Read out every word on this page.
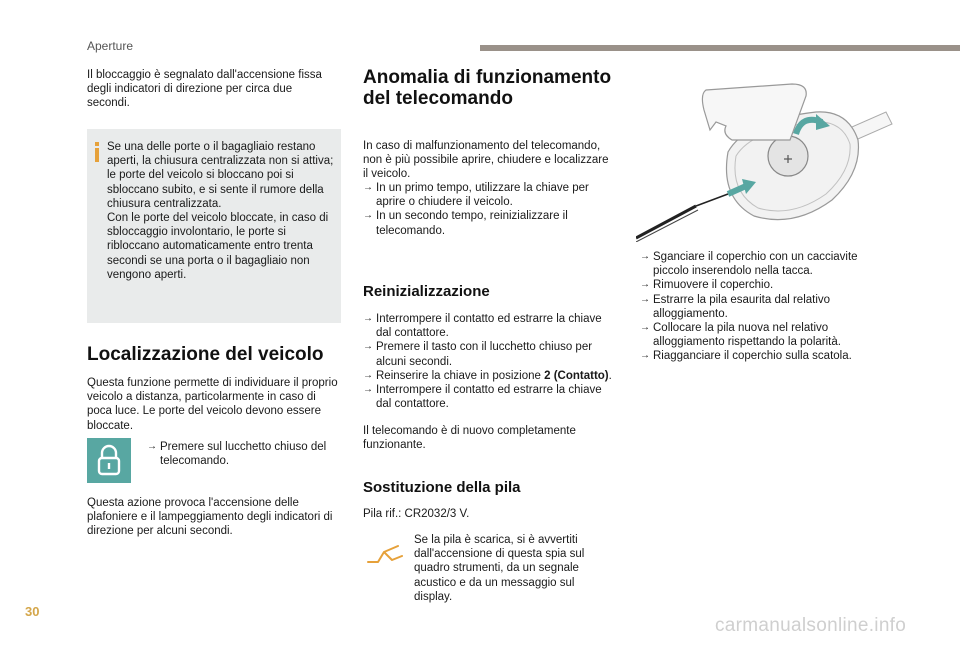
Aperture
Il bloccaggio è segnalato dall'accensione fissa degli indicatori di direzione per circa due secondi.
Se una delle porte o il bagagliaio restano aperti, la chiusura centralizzata non si attiva; le porte del veicolo si bloccano poi si sbloccano subito, e si sente il rumore della chiusura centralizzata.
Con le porte del veicolo bloccate, in caso di sbloccaggio involontario, le porte si ribloccano automaticamente entro trenta secondi se una porta o il bagagliaio non vengono aperti.
Localizzazione del veicolo
Questa funzione permette di individuare il proprio veicolo a distanza, particolarmente in caso di poca luce. Le porte del veicolo devono essere bloccate.
→ Premere sul lucchetto chiuso del telecomando.
Questa azione provoca l'accensione delle plafoniere e il lampeggiamento degli indicatori di direzione per alcuni secondi.
Anomalia di funzionamento del telecomando
In caso di malfunzionamento del telecomando, non è più possibile aprire, chiudere e localizzare il veicolo.
→ In un primo tempo, utilizzare la chiave per aprire o chiudere il veicolo.
→ In un secondo tempo, reinizializzare il telecomando.
Reinizializzazione
→ Interrompere il contatto ed estrarre la chiave dal contattore.
→ Premere il tasto con il lucchetto chiuso per alcuni secondi.
→ Reinserire la chiave in posizione 2 (Contatto).
→ Interrompere il contatto ed estrarre la chiave dal contattore.
Il telecomando è di nuovo completamente funzionante.
Sostituzione della pila
Pila rif.: CR2032/3 V.
Se la pila è scarica, si è avvertiti dall'accensione di questa spia sul quadro strumenti, da un segnale acustico e da un messaggio sul display.
→ Sganciare il coperchio con un cacciavite piccolo inserendolo nella tacca.
→ Rimuovere il coperchio.
→ Estrarre la pila esaurita dal relativo alloggiamento.
→ Collocare la pila nuova nel relativo alloggiamento rispettando la polarità.
→ Riagganciare il coperchio sulla scatola.
30
carmanualsonline.info
